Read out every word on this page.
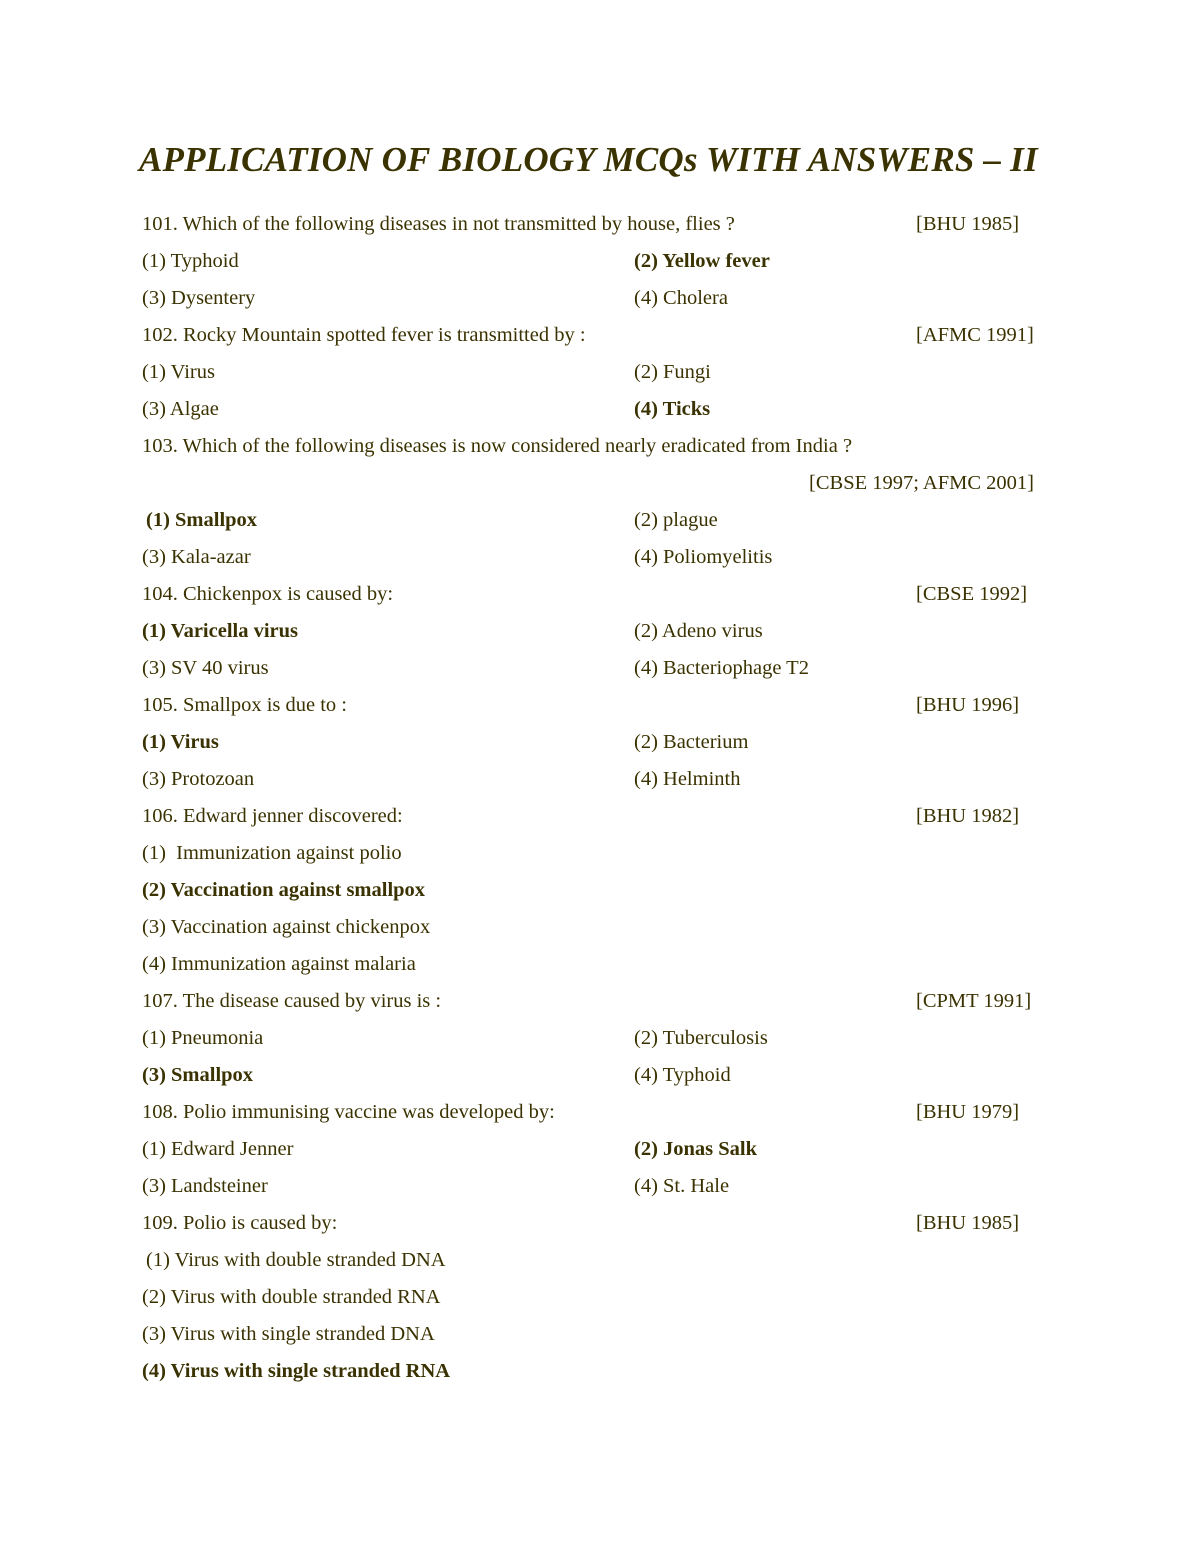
APPLICATION OF BIOLOGY MCQs WITH ANSWERS – II
101. Which of the following diseases in not transmitted by house, flies ?	[BHU 1985]
(1) Typhoid	(2) Yellow fever
(3) Dysentery	(4) Cholera
102. Rocky Mountain spotted fever is transmitted by :	[AFMC 1991]
(1) Virus	(2) Fungi
(3) Algae	(4) Ticks
103. Which of the following diseases is now considered nearly eradicated from India ?
[CBSE 1997; AFMC 2001]
(1) Smallpox	(2) plague
(3) Kala-azar	(4) Poliomyelitis
104. Chickenpox is caused by:	[CBSE 1992]
(1) Varicella virus	(2) Adeno virus
(3) SV 40 virus	(4) Bacteriophage T2
105. Smallpox is due to :	[BHU 1996]
(1) Virus	(2) Bacterium
(3) Protozoan	(4) Helminth
106. Edward jenner discovered:	[BHU 1982]
(1)  Immunization against polio
(2) Vaccination against smallpox
(3) Vaccination against chickenpox
(4) Immunization against malaria
107. The disease caused by virus is :	[CPMT 1991]
(1) Pneumonia	(2) Tuberculosis
(3) Smallpox	(4) Typhoid
108. Polio immunising vaccine was developed by:	[BHU 1979]
(1) Edward Jenner	(2) Jonas Salk
(3) Landsteiner	(4) St. Hale
109. Polio is caused by:	[BHU 1985]
(1) Virus with double stranded DNA
(2) Virus with double stranded RNA
(3) Virus with single stranded DNA
(4) Virus with single stranded RNA
